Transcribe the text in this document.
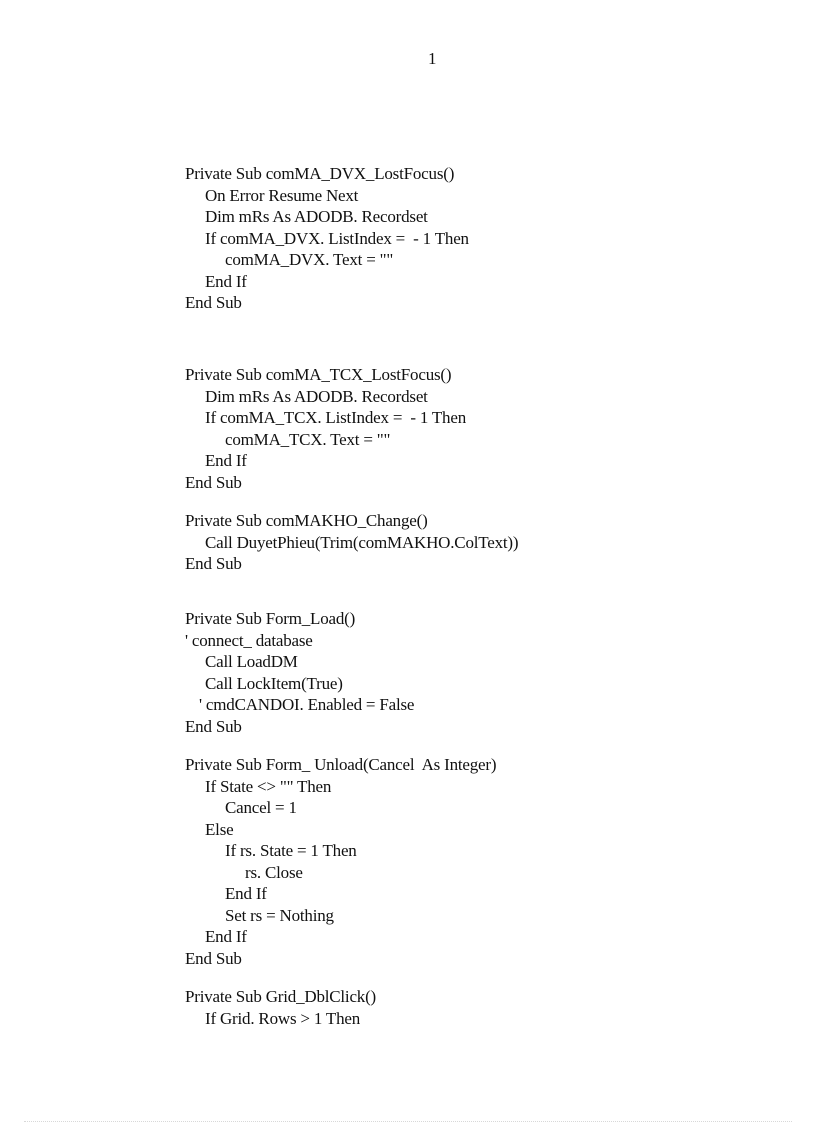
1
Private Sub comMA_DVX_LostFocus()
On Error Resume Next
Dim mRs As ADODB. Recordset
If comMA_DVX. ListIndex =  - 1 Then
comMA_DVX. Text = ""
End If
End Sub
Private Sub comMA_TCX_LostFocus()
Dim mRs As ADODB. Recordset
If comMA_TCX. ListIndex =  - 1 Then
comMA_TCX. Text = ""
End If
End Sub
Private Sub comMAKHO_Change()
Call DuyetPhieu(Trim(comMAKHO.ColText))
End Sub
Private Sub Form_Load()
' connect_ database
Call LoadDM
Call LockItem(True)
' cmdCANDOI. Enabled = False
End Sub
Private Sub Form_ Unload(Cancel  As Integer)
If State <> "" Then
Cancel = 1
Else
If rs. State = 1 Then
rs. Close
End If
Set rs = Nothing
End If
End Sub
Private Sub Grid_DblClick()
If Grid. Rows > 1 Then
